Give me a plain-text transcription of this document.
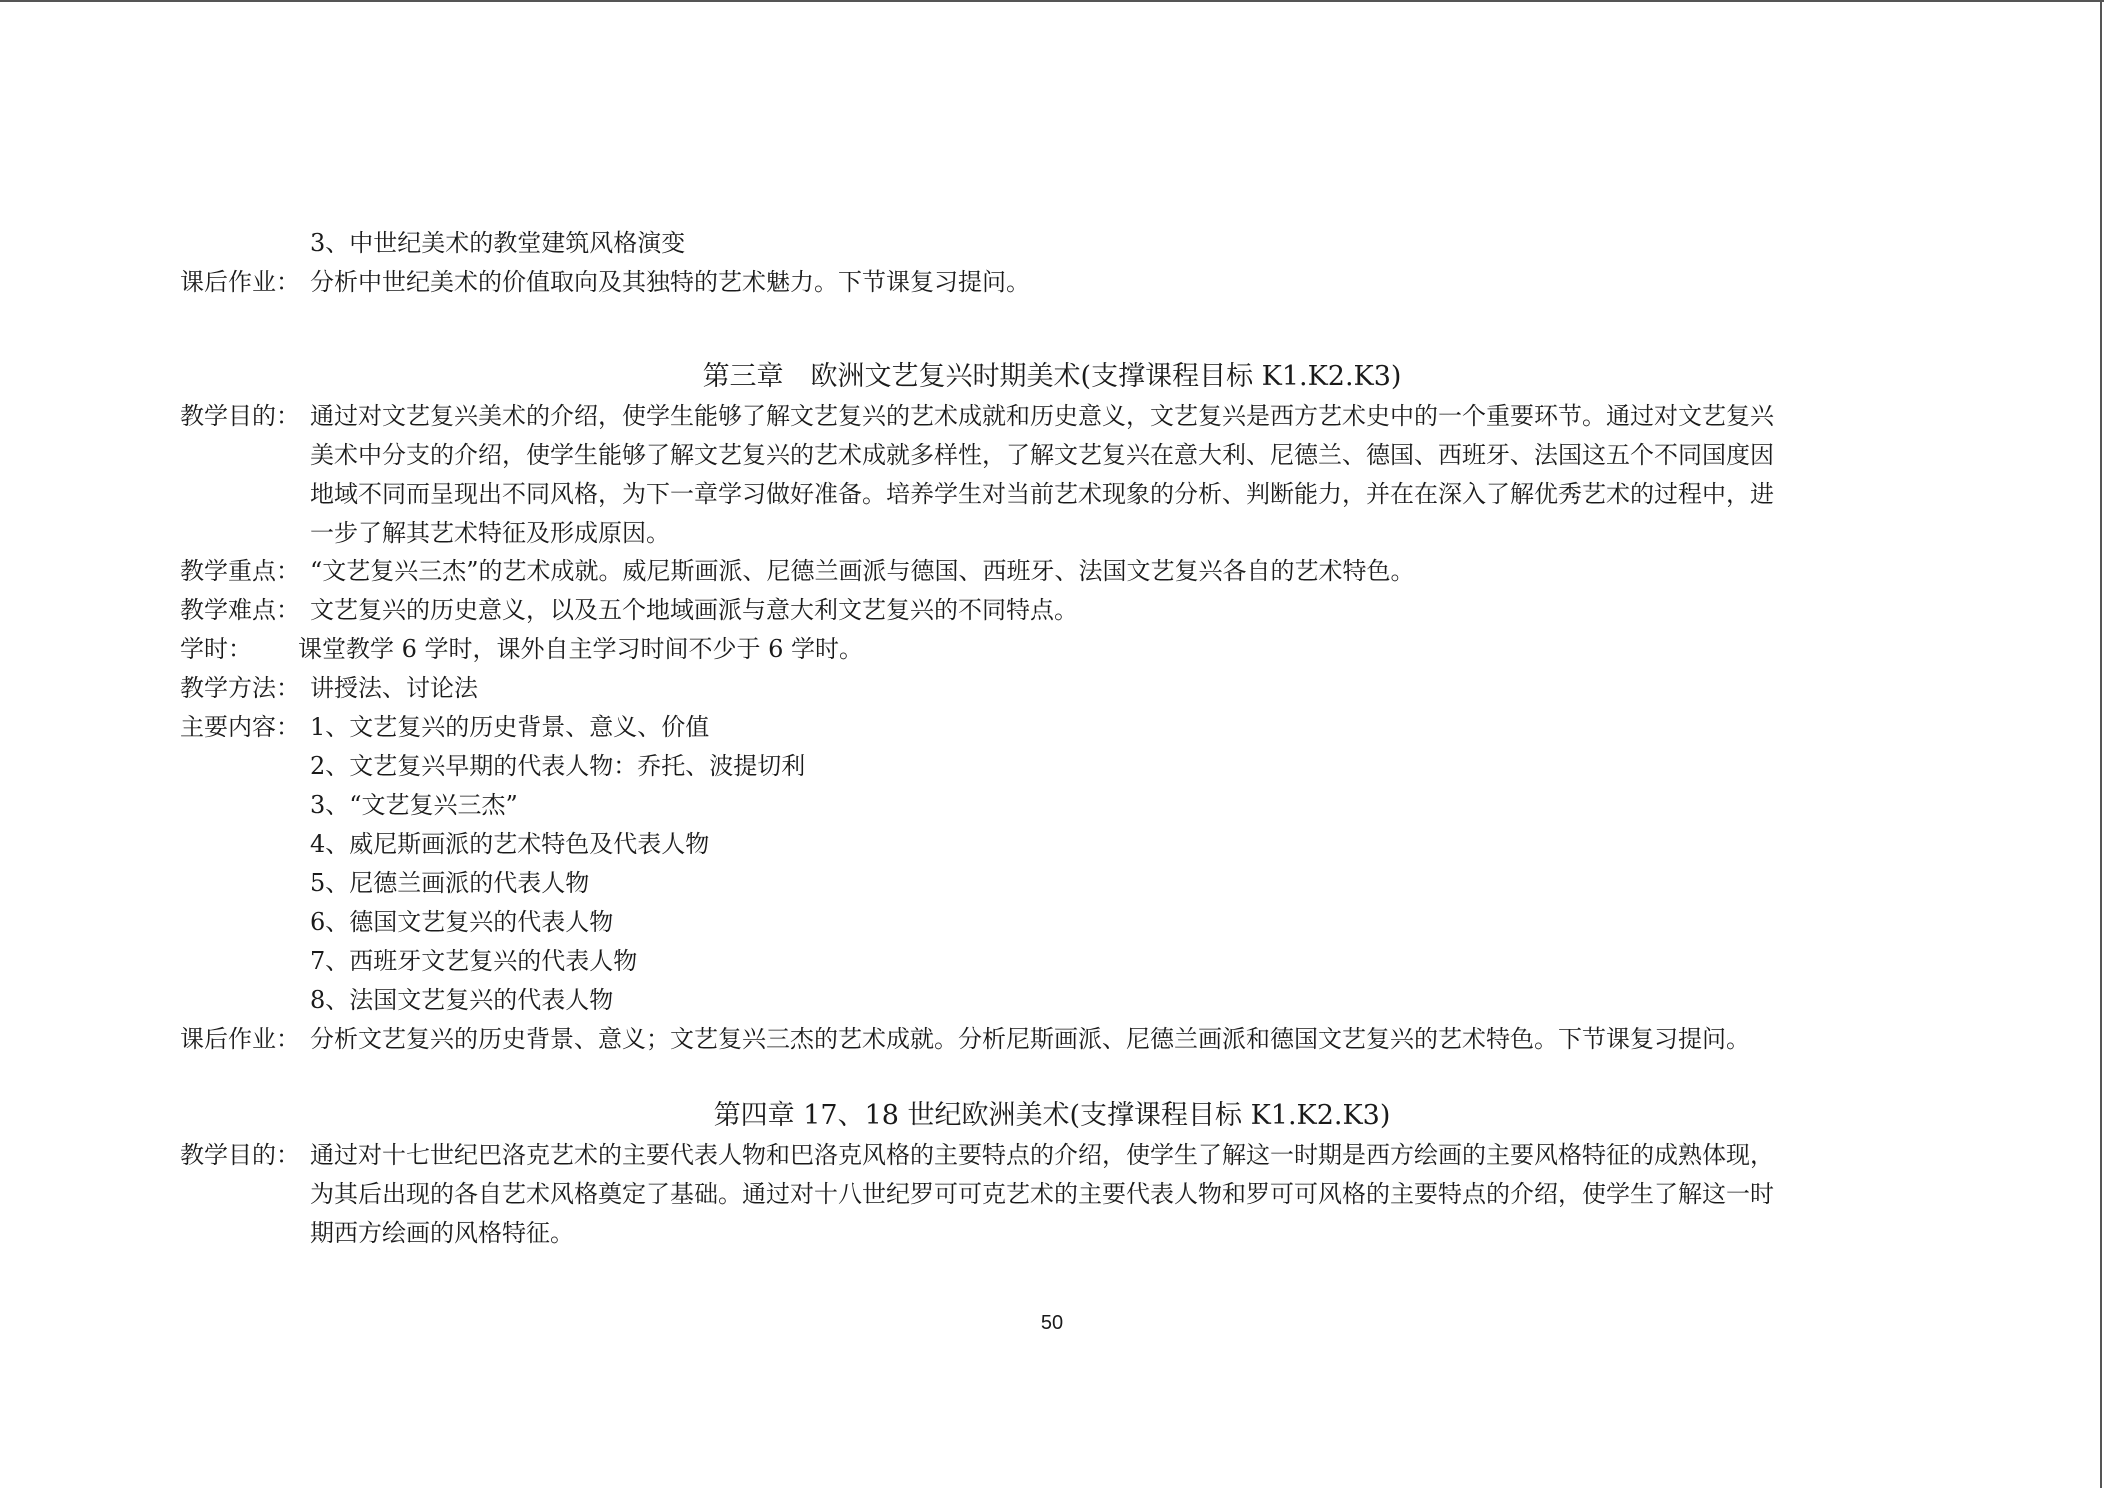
3、中世纪美术的教堂建筑风格演变
课后作业： 分析中世纪美术的价值取向及其独特的艺术魅力。下节课复习提问。
第三章　欧洲文艺复兴时期美术(支撑课程目标 K1.K2.K3)
教学目的： 通过对文艺复兴美术的介绍，使学生能够了解文艺复兴的艺术成就和历史意义，文艺复兴是西方艺术史中的一个重要环节。通过对文艺复兴
美术中分支的介绍，使学生能够了解文艺复兴的艺术成就多样性，了解文艺复兴在意大利、尼德兰、德国、西班牙、法国这五个不同国度因
地域不同而呈现出不同风格，为下一章学习做好准备。培养学生对当前艺术现象的分析、判断能力，并在在深入了解优秀艺术的过程中，进
一步了解其艺术特征及形成原因。
教学重点： “文艺复兴三杰”的艺术成就。威尼斯画派、尼德兰画派与德国、西班牙、法国文艺复兴各自的艺术特色。
教学难点： 文艺复兴的历史意义，以及五个地域画派与意大利文艺复兴的不同特点。
学时： 课堂教学 6 学时，课外自主学习时间不少于 6 学时。
教学方法： 讲授法、讨论法
主要内容： 1、文艺复兴的历史背景、意义、价值
2、文艺复兴早期的代表人物：乔托、波提切利
3、“文艺复兴三杰”
4、威尼斯画派的艺术特色及代表人物
5、尼德兰画派的代表人物
6、德国文艺复兴的代表人物
7、西班牙文艺复兴的代表人物
8、法国文艺复兴的代表人物
课后作业： 分析文艺复兴的历史背景、意义；文艺复兴三杰的艺术成就。分析尼斯画派、尼德兰画派和德国文艺复兴的艺术特色。下节课复习提问。
第四章 17、18 世纪欧洲美术(支撑课程目标 K1.K2.K3)
教学目的： 通过对十七世纪巴洛克艺术的主要代表人物和巴洛克风格的主要特点的介绍，使学生了解这一时期是西方绘画的主要风格特征的成熟体现，
为其后出现的各自艺术风格奠定了基础。通过对十八世纪罗可可克艺术的主要代表人物和罗可可风格的主要特点的介绍，使学生了解这一时
期西方绘画的风格特征。
50
